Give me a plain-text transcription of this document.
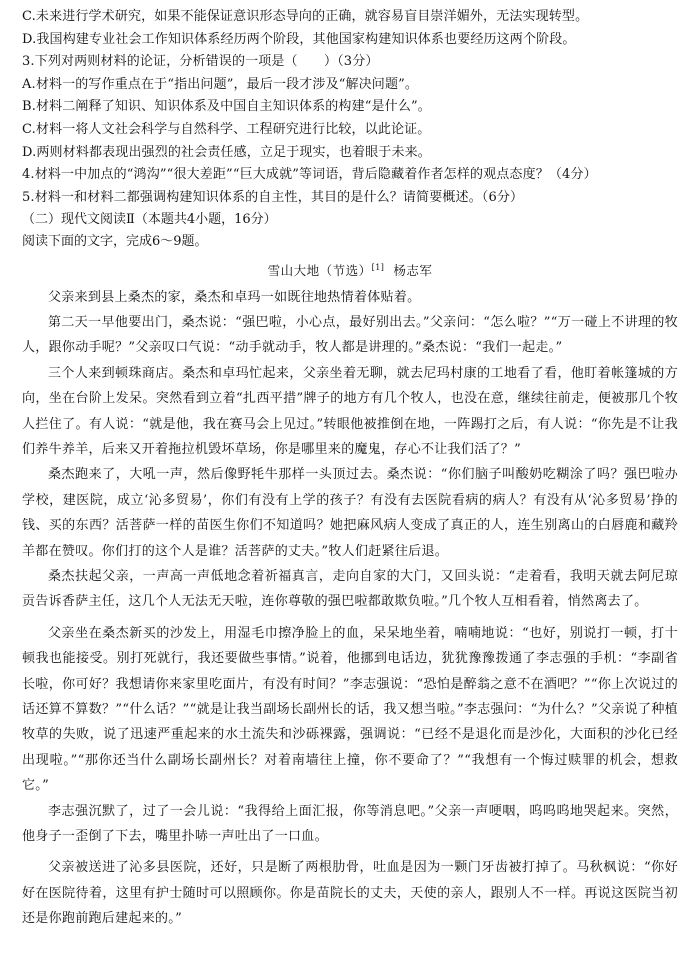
C.未来进行学术研究，如果不能保证意识形态导向的正确，就容易盲目崇洋媚外，无法实现转型。

D.我国构建专业社会工作知识体系经历两个阶段，其他国家构建知识体系也要经历这两个阶段。

3.下列对两则材料的论证，分析错误的一项是（　　）（3分）

A.材料一的写作重点在于“指出问题”，最后一段才涉及“解决问题”。

B.材料二阐释了知识、知识体系及中国自主知识体系的构建“是什么”。

C.材料一将人文社会科学与自然科学、工程研究进行比较，以此论证。

D.两则材料都表现出强烈的社会责任感，立足于现实，也着眼于未来。

4.材料一中加点的“鸿沟”“很大差距”“巨大成就”等词语，背后隐藏着作者怎样的观点态度？（4分）

5.材料一和材料二都强调构建知识体系的自主性，其目的是什么？请简要概述。（6分）

（二）现代文阅读Ⅱ（本题共4小题，16分）

阅读下面的文字，完成6～9题。

雪山大地（节选）[1] 杨志军

父亲来到县上桑杰的家，桑杰和卓玛一如既往地热情着体贴着。

第二天一早他要出门，桑杰说：“强巴啦，小心点，最好别出去。”父亲问：“怎么啦？”“万一碰上不讲理的牧人，跟你动手呢？”父亲叹口气说：“动手就动手，牧人都是讲理的。”桑杰说：“我们一起走。”

三个人来到顿珠商店。桑杰和卓玛忙起来，父亲坐着无聊，就去尼玛村康的工地看了看，他盯着帐篷城的方向，坐在台阶上发呆。突然看到立着“扎西平措”牌子的地方有几个牧人，也没在意，继续往前走，便被那几个牧人拦住了。有人说：“就是他，我在赛马会上见过。”转眼他被推倒在地，一阵踢打之后，有人说：“你先是不让我们养牛养羊，后来又开着拖拉机毁坏草场，你是哪里来的魔鬼，存心不让我们活了？”

桑杰跑来了，大吼一声，然后像野牦牛那样一头顶过去。桑杰说：“你们脑子叫酸奶吃糊涂了吗？强巴啦办学校，建医院，成立‘沁多贸易’，你们有没有上学的孩子？有没有去医院看病的病人？有没有从‘沁多贸易’挣的钱、买的东西？活菩萨一样的苗医生你们不知道吗？她把麻风病人变成了真正的人，连生别离山的白唇鹿和藏羚羊都在赞叹。你们打的这个人是谁？活菩萨的丈夫。”牧人们赶紧往后退。

桑杰扶起父亲，一声高一声低地念着祈福真言，走向自家的大门，又回头说：“走着看，我明天就去阿尼琼贡告诉香萨主任，这几个人无法无天啦，连你尊敬的强巴啦都敢欺负啦。”几个牧人互相看着，悄然离去了。

父亲坐在桑杰新买的沙发上，用湿毛巾擦净脸上的血，呆呆地坐着，喃喃地说：“也好，别说打一顿，打十顿我也能接受。别打死就行，我还要做些事情。”说着，他挪到电话边，犹犹豫豫拨通了李志强的手机：“李副省长啦，你可好？我想请你来家里吃面片，有没有时间？”李志强说：“恐怕是醉翁之意不在酒吧？”“你上次说过的话还算不算数？”“什么话？”“就是让我当副场长副州长的话，我又想当啦。”李志强问：“为什么？”父亲说了种植牧草的失败，说了迅速严重起来的水土流失和沙砾裸露，强调说：“已经不是退化而是沙化，大面积的沙化已经出现啦。”“那你还当什么副场长副州长？对着南墙往上撞，你不要命了？”“我想有一个悔过赎罪的机会，想救它。”

李志强沉默了，过了一会儿说：“我得给上面汇报，你等消息吧。”父亲一声哽咽，呜呜呜地哭起来。突然，他身子一歪倒了下去，嘴里扑哧一声吐出了一口血。

父亲被送进了沁多县医院，还好，只是断了两根肋骨，吐血是因为一颗门牙齿被打掉了。马秋枫说：“你好好在医院待着，这里有护士随时可以照顾你。你是苗院长的丈夫，天使的亲人，跟别人不一样。再说这医院当初还是你跑前跑后建起来的。”
